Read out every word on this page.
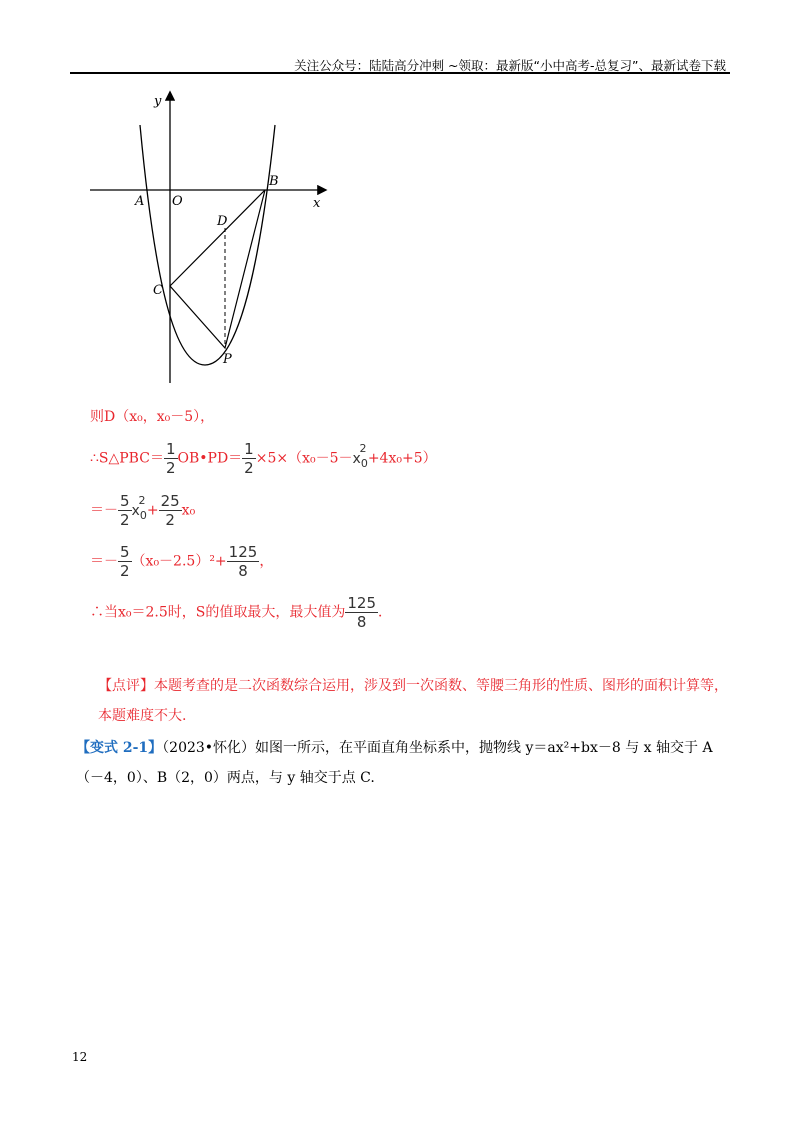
关注公众号：陆陆高分冲刺 ~领取：最新版“小中高考-总复习”、最新试卷下载
y
x
O
A
B
C
D
P
则D（x₀，x₀－5），
∴S△PBC＝ $\frac{1}{2}$ OB•PD＝ $\frac{1}{2} \times 5\times(x_0-5-x$
2
$_0$+4x₀+5）
＝－ $\frac{5}{2}$ x
2
$_0+ \frac{25}{2} x_0$
＝－ $\frac{5}{2} (x_0-2.5)^2+ \frac{125}{8}$ ，
∴当x₀＝2.5时，S的值取最大，最大值为 $\frac{125}{8}$ ．
【点评】本题考查的是二次函数综合运用，涉及到一次函数、等腰三角形的性质、图形的面积计算等，本题难度不大.
【变式 2-1】（2023•怀化）如图一所示，在平面直角坐标系中，抛物线 y＝ax²+bx－8 与 x 轴交于 A（－4，0）、B（2，0）两点，与 y 轴交于点 C.
12
